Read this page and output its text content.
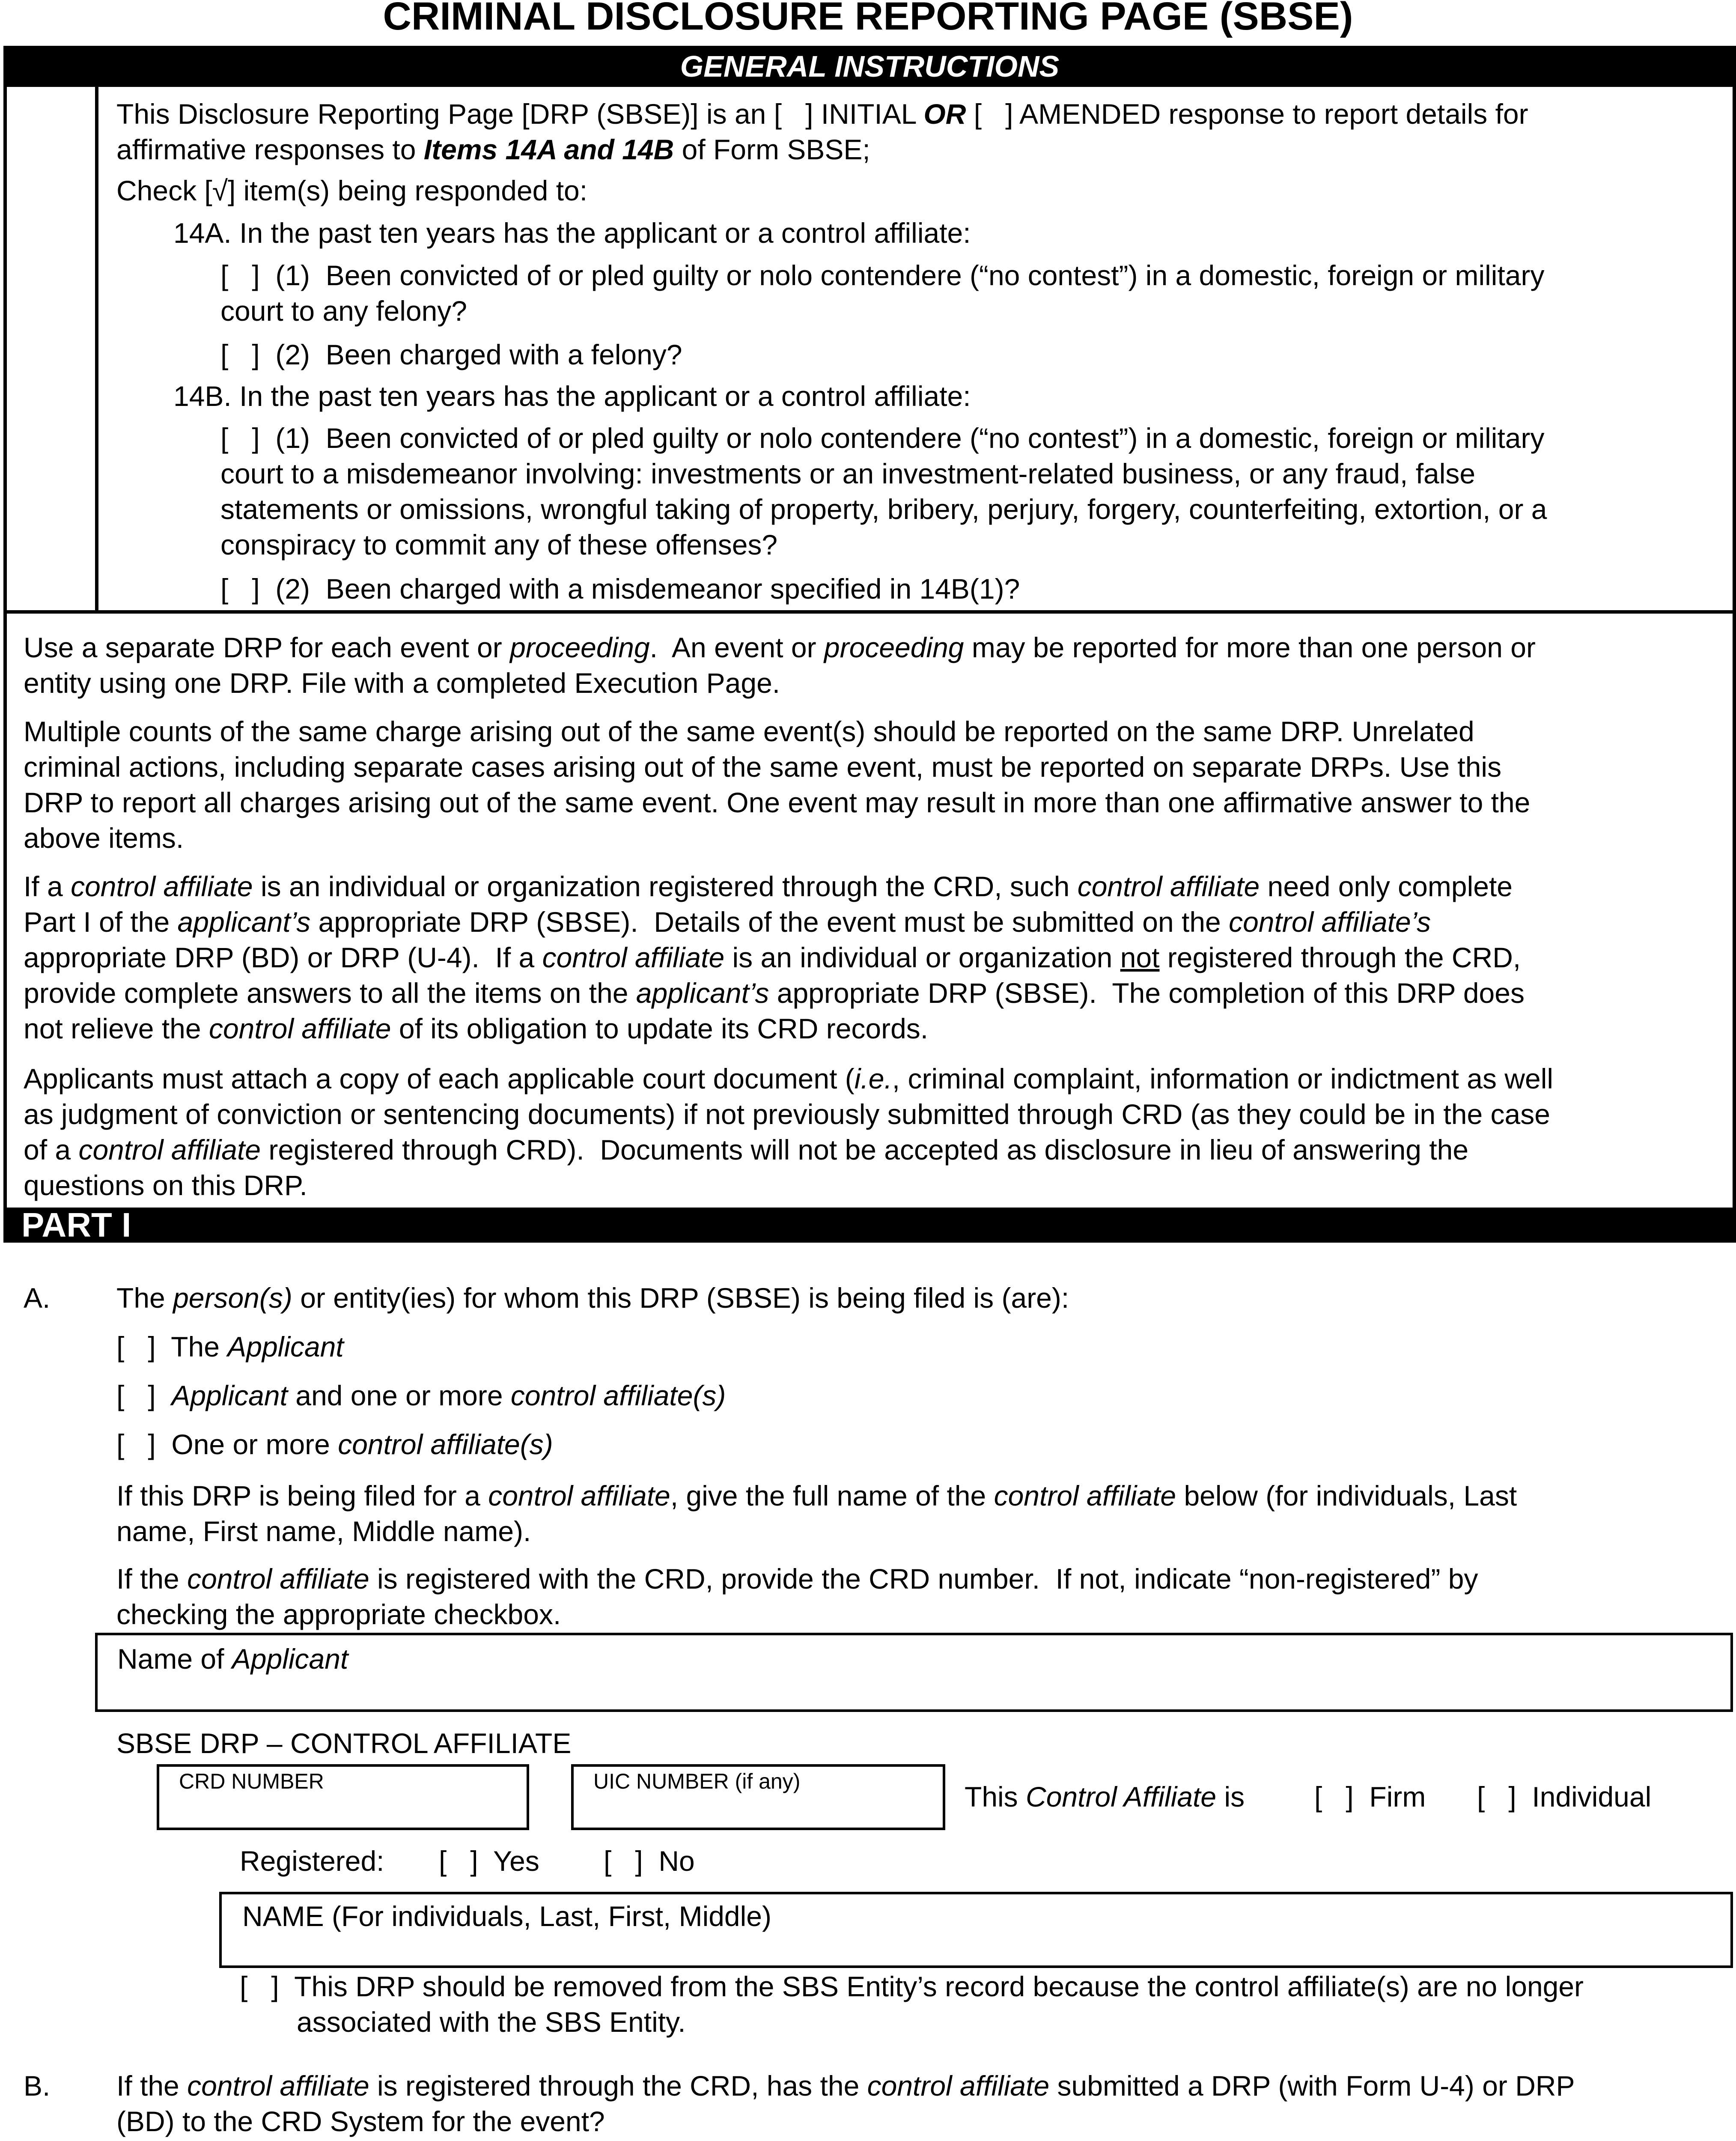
CRIMINAL DISCLOSURE REPORTING PAGE (SBSE)
GENERAL INSTRUCTIONS
This Disclosure Reporting Page [DRP (SBSE)] is an [   ] INITIAL OR [   ] AMENDED response to report details for
affirmative responses to Items 14A and 14B of Form SBSE;
Check [√] item(s) being responded to:
14A. In the past ten years has the applicant or a control affiliate:
[   ] (1)  Been convicted of or pled guilty or nolo contendere (“no contest”) in a domestic, foreign or military
court to any felony?
[   ] (2)  Been charged with a felony?
14B. In the past ten years has the applicant or a control affiliate:
[   ] (1)  Been convicted of or pled guilty or nolo contendere (“no contest”) in a domestic, foreign or military
court to a misdemeanor involving: investments or an investment-related business, or any fraud, false
statements or omissions, wrongful taking of property, bribery, perjury, forgery, counterfeiting, extortion, or a
conspiracy to commit any of these offenses?
[   ] (2)  Been charged with a misdemeanor specified in 14B(1)?
Use a separate DRP for each event or proceeding.  An event or proceeding may be reported for more than one person or
entity using one DRP. File with a completed Execution Page.
Multiple counts of the same charge arising out of the same event(s) should be reported on the same DRP. Unrelated
criminal actions, including separate cases arising out of the same event, must be reported on separate DRPs. Use this
DRP to report all charges arising out of the same event. One event may result in more than one affirmative answer to the
above items.
If a control affiliate is an individual or organization registered through the CRD, such control affiliate need only complete
Part I of the applicant’s appropriate DRP (SBSE).  Details of the event must be submitted on the control affiliate’s
appropriate DRP (BD) or DRP (U-4).  If a control affiliate is an individual or organization not registered through the CRD,
provide complete answers to all the items on the applicant’s appropriate DRP (SBSE).  The completion of this DRP does
not relieve the control affiliate of its obligation to update its CRD records.
Applicants must attach a copy of each applicable court document (i.e., criminal complaint, information or indictment as well
as judgment of conviction or sentencing documents) if not previously submitted through CRD (as they could be in the case
of a control affiliate registered through CRD).  Documents will not be accepted as disclosure in lieu of answering the
questions on this DRP.
PART I
A. The person(s) or entity(ies) for whom this DRP (SBSE) is being filed is (are):
[   ] The Applicant
[   ] Applicant and one or more control affiliate(s)
[   ] One or more control affiliate(s)
If this DRP is being filed for a control affiliate, give the full name of the control affiliate below (for individuals, Last
name, First name, Middle name).
If the control affiliate is registered with the CRD, provide the CRD number.  If not, indicate “non-registered” by
checking the appropriate checkbox.
Name of Applicant
SBSE DRP – CONTROL AFFILIATE
CRD NUMBER	UIC NUMBER (if any)	This Control Affiliate is [   ] Firm [   ] Individual
Registered: [   ] Yes [   ] No
NAME (For individuals, Last, First, Middle)
[   ] This DRP should be removed from the SBS Entity’s record because the control affiliate(s) are no longer
associated with the SBS Entity.
B. If the control affiliate is registered through the CRD, has the control affiliate submitted a DRP (with Form U-4) or DRP
(BD) to the CRD System for the event?
